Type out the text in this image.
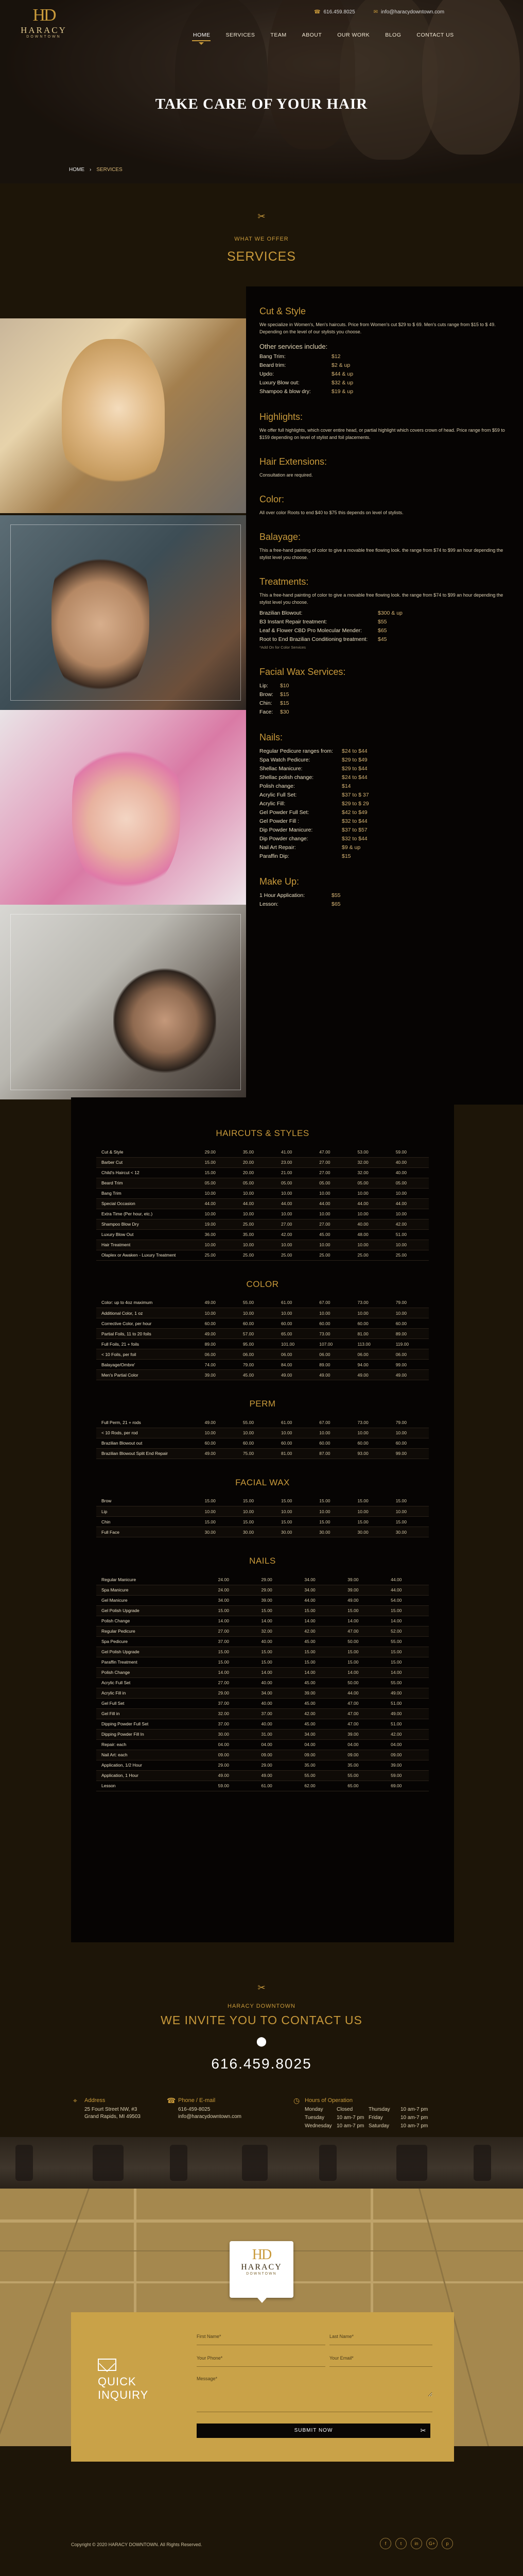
HD
HARACY
DOWNTOWN
☎ 616.459.8025	✉ info@haracydowntown.com
HOME	SERVICES	TEAM	ABOUT	OUR WORK	BLOG	CONTACT US
TAKE CARE OF YOUR HAIR
HOME › SERVICES
✂
WHAT WE OFFER
SERVICES
Cut & Style
We specialize in Women's, Men's haircuts. Price from Women's cut $29 to $ 69. Men's cuts range from $15 to $ 49. Depending on the level of our stylists you choose.
Other services include:
Bang Trim:	$12
Beard trim:	$2 & up
Updo:	$44 & up
Luxury Blow out:	$32 & up
Shampoo & blow dry:	$19 & up
Highlights:
We offer full highlights, which cover entire head, or partial highlight which covers crown of head. Price range from $59 to $159 depending on level of stylist and foil placements.
Hair Extensions:
Consultation are required.
Color:
All over color Roots to end $40 to $75 this depends on level of stylists.
Balayage:
This a free-hand painting of color to give a movable free flowing look. the range from $74 to $99 an hour depending the stylist level you choose.
Treatments:
This a free-hand painting of color to give a movable free flowing look. the range from $74 to $99 an hour depending the stylist level you choose.
Brazilian Blowout:	$300 & up
B3 Instant Repair treatment:	$55
Leaf & Flower CBD Pro Molecular Mender:	$65
Root to End Brazilian Conditioning treatment:	$45
*Add On for Color Services
Facial Wax Services:
Lip:	$10
Brow:	$15
Chin:	$15
Face:	$30
Nails:
Regular Pedicure ranges from:	$24 to $44
Spa Watch Pedicure:	$29 to $49
Shellac Manicure:	$29 to $44
Shellac polish change:	$24 to $44
Polish change:	$14
Acrylic Full Set:	$37 to $ 37
Acrylic Fill:	$29 to $ 29
Gel Powder Full Set:	$42 to $49
Gel Powder Fill :	$32 to $44
Dip Powder Manicure:	$37 to $57
Dip Powder change:	$32 to $44
Nail Art Repair:	$9 & up
Paraffin Dip:	$15
Make Up:
1 Hour Application:	$55
Lesson:	$65
HAIRCUTS & STYLES
Cut & Style	29.00	35.00	41.00	47.00	53.00	59.00
Barber Cut	15.00	20.00	23.00	27.00	32.00	40.00
Child's Haircut < 12	15.00	20.00	21.00	27.00	32.00	40.00
Beard Trim	05.00	05.00	05.00	05.00	05.00	05.00
Bang Trim	10.00	10.00	10.00	10.00	10.00	10.00
Special Occasion	44.00	44.00	44.00	44.00	44.00	44.00
Extra Time (Per hour, etc.)	10.00	10.00	10.00	10.00	10.00	10.00
Shampoo Blow Dry	19.00	25.00	27.00	27.00	40.00	42.00
Luxury Blow Out	36.00	35.00	42.00	45.00	48.00	51.00
Hair Treatment	10.00	10.00	10.00	10.00	10.00	10.00
Olaplex or Awaken - Luxury Treatment	25.00	25.00	25.00	25.00	25.00	25.00
COLOR
Color: up to 4oz maximum	49.00	55.00	61.00	67.00	73.00	79.00
Additional Color, 1 oz	10.00	10.00	10.00	10.00	10.00	10.00
Corrective Color, per hour	60.00	60.00	60.00	60.00	60.00	60.00
Partial Foils, 11 to 20 foils	49.00	57.00	65.00	73.00	81.00	89.00
Full Foils, 21 + foils	89.00	95.00	101.00	107.00	113.00	119.00
< 10 Foils, per foil	06.00	06.00	06.00	06.00	06.00	06.00
Balayage/Ombre'	74.00	79.00	84.00	89.00	94.00	99.00
Men's Partial Color	39.00	45.00	49.00	49.00	49.00	49.00
PERM
Full Perm, 21 + rods	49.00	55.00	61.00	67.00	73.00	79.00
< 10 Rods, per rod	10.00	10.00	10.00	10.00	10.00	10.00
Brazilian Blowout out	60.00	60.00	60.00	60.00	60.00	60.00
Brazilian Blowout Split End Repair	49.00	75.00	81.00	87.00	93.00	99.00
FACIAL WAX
Brow	15.00	15.00	15.00	15.00	15.00	15.00
Lip	10.00	10.00	10.00	10.00	10.00	10.00
Chin	15.00	15.00	15.00	15.00	15.00	15.00
Full Face	30.00	30.00	30.00	30.00	30.00	30.00
NAILS
Regular Manicure	24.00	29.00	34.00	39.00	44.00
Spa Manicure	24.00	29.00	34.00	39.00	44.00
Gel Manicure	34.00	39.00	44.00	49.00	54.00
Gel Polish Upgrade	15.00	15.00	15.00	15.00	15.00
Polish Change	14.00	14.00	14.00	14.00	14.00
Regular Pedicure	27.00	32.00	42.00	47.00	52.00
Spa Pedicure	37.00	40.00	45.00	50.00	55.00
Gel Polish Upgrade	15.00	15.00	15.00	15.00	15.00
Paraffin Treatment	15.00	15.00	15.00	15.00	15.00
Polish Change	14.00	14.00	14.00	14.00	14.00
Acrylic Full Set	27.00	40.00	45.00	50.00	55.00
Acrylic Fill in	29.00	34.00	39.00	44.00	49.00
Gel Full Set	37.00	40.00	45.00	47.00	51.00
Gel Fill in	32.00	37.00	42.00	47.00	49.00
Dipping Powder Full Set	37.00	40.00	45.00	47.00	51.00
Dipping Powder Fill In	30.00	31.00	34.00	39.00	42.00
Repair: each	04.00	04.00	04.00	04.00	04.00
Nail Art: each	09.00	09.00	09.00	09.00	09.00
Application, 1/2 Hour	29.00	29.00	35.00	35.00	39.00
Application, 1 Hour	49.00	49.00	55.00	55.00	59.00
Lesson	59.00	61.00	62.00	65.00	69.00
✂
HARACY DOWNTOWN
WE INVITE YOU TO CONTACT US
⬤
616.459.8025
⌖ Address
25 Fourt Street NW, #3
Grand Rapids, MI 49503
☎ Phone / E-mail
616-459-8025
info@haracydowntown.com
◷ Hours of Operation
Monday	Closed	Thursday	10 am-7 pm
Tuesday	10 am-7 pm Friday	10 am-7 pm
Wednesday 10 am-7 pm Saturday	10 am-7 pm
HD
HARACY
DOWNTOWN
QUICK
INQUIRY
First Name*
Last Name*
Your Phone*
Your Email*
Message*
SUBMIT NOW	✂
Copyright © 2020 HARACY DOWNTOWN. All Rights Reserved.	f	t	in	G+	p
